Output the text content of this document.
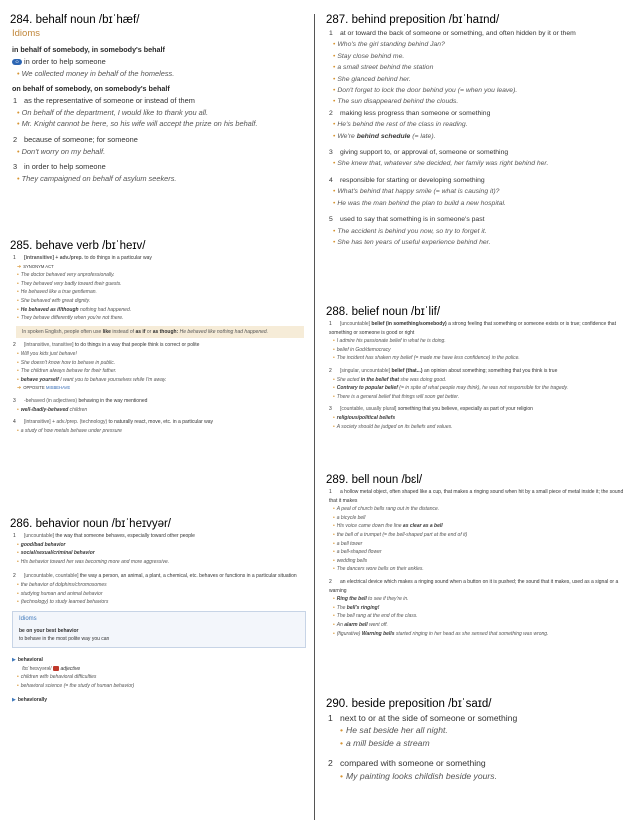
284. behalf noun /bɪˈhæf/
Idioms
in behalf of somebody, in somebody's behalf
O in order to help someone
• We collected money in behalf of the homeless.
on behalf of somebody, on somebody's behalf
1 as the representative of someone or instead of them
• On behalf of the department, I would like to thank you all.
• Mr. Knight cannot be here, so his wife will accept the prize on his behalf.
2 because of someone; for someone
• Don't worry on my behalf.
3 in order to help someone
• They campaigned on behalf of asylum seekers.
285. behave verb /bɪˈheɪv/
1 [intransitive] + adv./prep. to do things in a particular way
➔ SYNONYM ACT
• The doctor behaved very unprofessionally.
• They behaved very badly toward their guests.
• He behaved like a true gentleman.
• She behaved with great dignity.
• He behaved as if/though nothing had happened.
• They behave differently when you're not there.
In spoken English, people often use like instead of as if or as though: He behaved like nothing had happened.
2 [intransitive, transitive] to do things in a way that people think is correct or polite
• Will you kids just behave!
• She doesn't know how to behave in public.
• The children always behave for their father.
• behave yourself I want you to behave yourselves while I'm away.
➔ OPPOSITE MISBEHAVE
3 -behaved (in adjectives) behaving in the way mentioned
• well-/badly-behaved children
4 [intransitive] + adv./prep. (technology) to naturally react, move, etc. in a particular way
• a study of how metals behave under pressure
286. behavior noun /bɪˈheɪvyər/
1 [uncountable] the way that someone behaves, especially toward other people
• good/bad behavior
• social/sexual/criminal behavior
• His behavior toward her was becoming more and more aggressive.
2 [uncountable, countable] the way a person, an animal, a plant, a chemical, etc. behaves or functions in a particular situation
• the behavior of dolphins/chromosomes
• studying human and animal behavior
• (technology) to study learned behaviors
Idioms
be on your best behavior
to behave in the most polite way you can
▶ behavioral
/bɪˈheɪvyərəl/ adjective
• children with behavioral difficulties
• behavioral science (= the study of human behavior)
▶ behaviorally
287. behind preposition /bɪˈhaɪnd/
1 at or toward the back of someone or something, and often hidden by it or them
• Who's the girl standing behind Jan?
• Stay close behind me.
• a small street behind the station
• She glanced behind her.
• Don't forget to lock the door behind you (= when you leave).
• The sun disappeared behind the clouds.
2 making less progress than someone or something
• He's behind the rest of the class in reading.
• We're behind schedule (= late).
3 giving support to, or approval of, someone or something
• She knew that, whatever she decided, her family was right behind her.
4 responsible for starting or developing something
• What's behind that happy smile (= what is causing it)?
• He was the man behind the plan to build a new hospital.
5 used to say that something is in someone's past
• The accident is behind you now, so try to forget it.
• She has ten years of useful experience behind her.
288. belief noun /bɪˈlif/
1 [uncountable] belief (in something/somebody) a strong feeling that something or someone exists or is true; confidence that something or someone is good or right
• I admire his passionate belief in what he is doing.
• belief in God/democracy
• The incident has shaken my belief (= made me have less confidence) in the police.
2 [singular, uncountable] belief (that...) an opinion about something; something that you think is true
• She acted in the belief that she was doing good.
• Contrary to popular belief (= in spite of what people may think), he was not responsible for the tragedy.
• There is a general belief that things will soon get better.
3 [countable, usually plural] something that you believe, especially as part of your religion
• religious/political beliefs
• A society should be judged on its beliefs and values.
289. bell noun /bɛl/
1 a hollow metal object, often shaped like a cup, that makes a ringing sound when hit by a small piece of metal inside it; the sound that it makes
• A peal of church bells rang out in the distance.
• a bicycle bell
• His voice came down the line as clear as a bell
• the bell of a trumpet (= the bell-shaped part at the end of it)
• a bell tower
• a bell-shaped flower
• wedding bells
• The dancers wore bells on their ankles.
2 an electrical device which makes a ringing sound when a button on it is pushed; the sound that it makes, used as a signal or a warning
• Ring the bell to see if they're in.
• The bell's ringing!
• The bell rang at the end of the class.
• An alarm bell went off.
• (figurative) Warning bells started ringing in her head as she sensed that something was wrong.
290. beside preposition /bɪˈsaɪd/
1 next to or at the side of someone or something
• He sat beside her all night.
• a mill beside a stream
2 compared with someone or something
• My painting looks childish beside yours.
